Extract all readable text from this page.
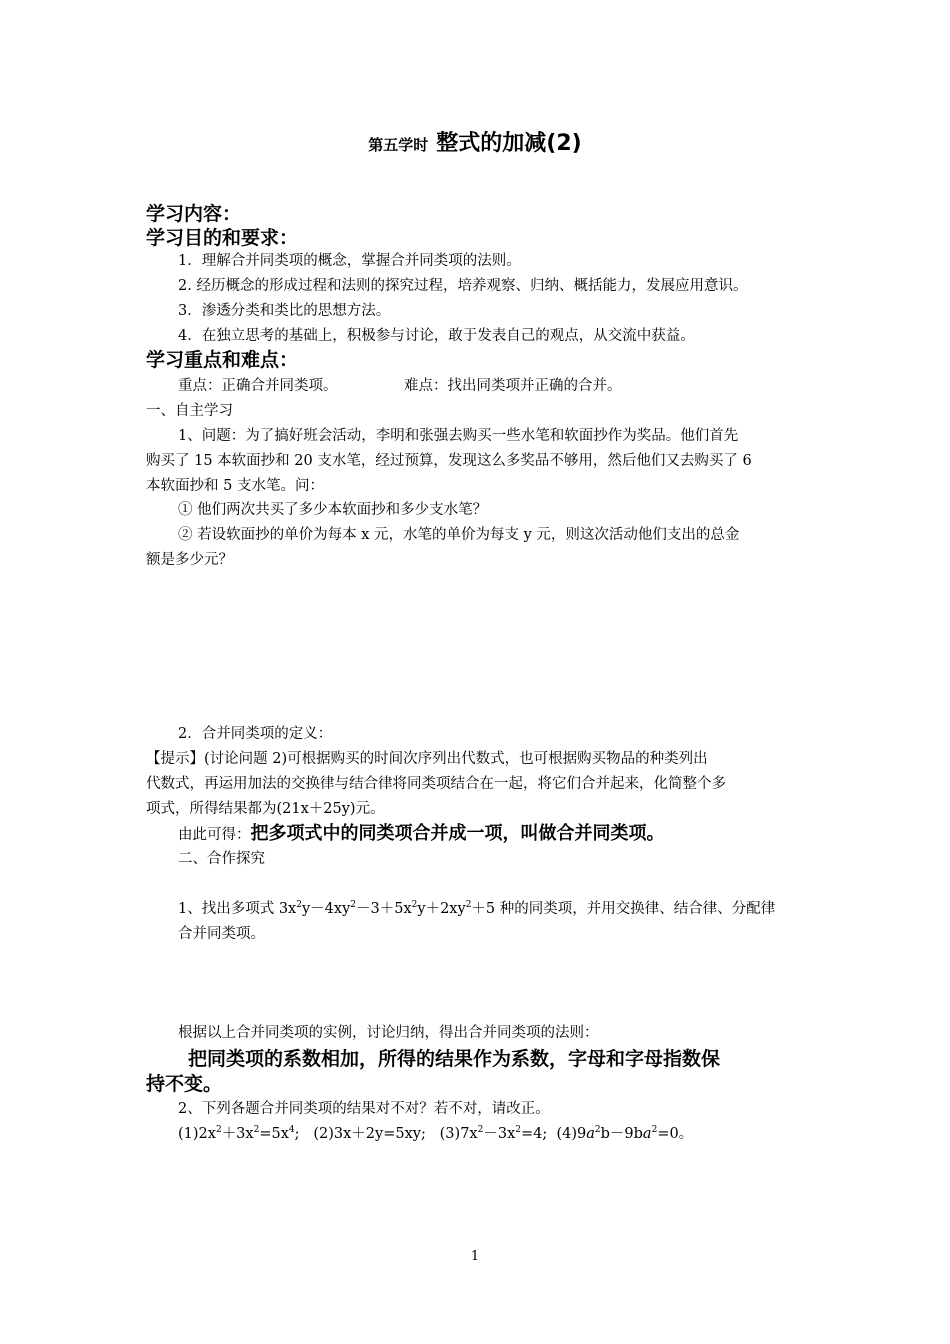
第五学时 整式的加减(2)
学习内容：
学习目的和要求：
1．理解合并同类项的概念，掌握合并同类项的法则。
2. 经历概念的形成过程和法则的探究过程，培养观察、归纳、概括能力，发展应用意识。
3．渗透分类和类比的思想方法。
4．在独立思考的基础上，积极参与讨论，敢于发表自己的观点，从交流中获益。
学习重点和难点：
重点：正确合并同类项。	难点：找出同类项并正确的合并。
一、自主学习
1、问题：为了搞好班会活动，李明和张强去购买一些水笔和软面抄作为奖品。他们首先
购买了 15 本软面抄和 20 支水笔，经过预算，发现这么多奖品不够用，然后他们又去购买了 6
本软面抄和 5 支水笔。问：
① 他们两次共买了多少本软面抄和多少支水笔？
② 若设软面抄的单价为每本 x 元，水笔的单价为每支 y 元，则这次活动他们支出的总金
额是多少元？
2．合并同类项的定义：
【提示】(讨论问题 2)可根据购买的时间次序列出代数式，也可根据购买物品的种类列出
代数式，再运用加法的交换律与结合律将同类项结合在一起，将它们合并起来，化简整个多
项式，所得结果都为(21x＋25y)元。
由此可得：把多项式中的同类项合并成一项，叫做合并同类项。
二、合作探究
1、找出多项式 $3x^2y-4xy^2-3+5x^2y+2xy^2+5$ 种的同类项，并用交换律、结合律、分配律
合并同类项。
根据以上合并同类项的实例，讨论归纳，得出合并同类项的法则：
把同类项的系数相加，所得的结果作为系数，字母和字母指数保
持不变。
2、下列各题合并同类项的结果对不对？若不对，请改正。
$(1)2x^2+3x^2=5x^4$;   (2)3x＋2y=5xy;   $(3)7x^2-3x^2=4$;  $(4)9a^2b-9ba^2=0$。
1
